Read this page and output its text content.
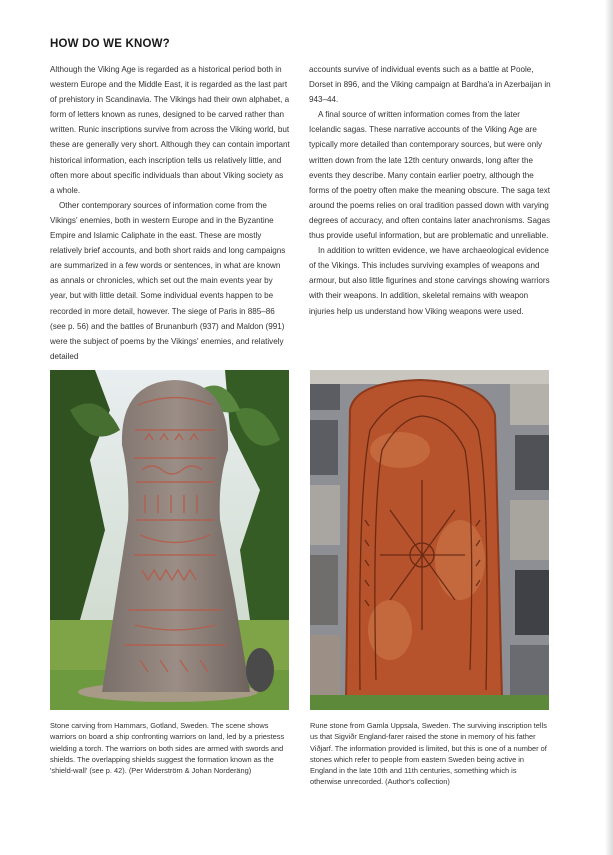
HOW DO WE KNOW?

Although the Viking Age is regarded as a historical period both in western Europe and the Middle East, it is regarded as the last part of prehistory in Scandinavia. The Vikings had their own alphabet, a form of letters known as runes, designed to be carved rather than written. Runic inscriptions survive from across the Viking world, but these are generally very short. Although they can contain important historical information, each inscription tells us relatively little, and often more about specific individuals than about Viking society as a whole.

Other contemporary sources of information come from the Vikings' enemies, both in western Europe and in the Byzantine Empire and Islamic Caliphate in the east. These are mostly relatively brief accounts, and both short raids and long campaigns are summarized in a few words or sentences, in what are known as annals or chronicles, which set out the main events year by year, but with little detail. Some individual events happen to be recorded in more detail, however. The siege of Paris in 885–86 (see p. 56) and the battles of Brunanburh (937) and Maldon (991) were the subject of poems by the Vikings' enemies, and relatively detailed

accounts survive of individual events such as a battle at Poole, Dorset in 896, and the Viking campaign at Bardha'a in Azerbaijan in 943–44.

A final source of written information comes from the later Icelandic sagas. These narrative accounts of the Viking Age are typically more detailed than contemporary sources, but were only written down from the late 12th century onwards, long after the events they describe. Many contain earlier poetry, although the forms of the poetry often make the meaning obscure. The saga text around the poems relies on oral tradition passed down with varying degrees of accuracy, and often contains later anachronisms. Sagas thus provide useful information, but are problematic and unreliable.

In addition to written evidence, we have archaeological evidence of the Vikings. This includes surviving examples of weapons and armour, but also little figurines and stone carvings showing warriors with their weapons. In addition, skeletal remains with weapon injuries help us understand how Viking weapons were used.

Stone carving from Hammars, Gotland, Sweden. The scene shows warriors on board a ship confronting warriors on land, led by a priestess wielding a torch. The warriors on both sides are armed with swords and shields. The overlapping shields suggest the formation known as the 'shield-wall' (see p. 42). (Per Widerström & Johan Norderäng)
Rune stone from Gamla Uppsala, Sweden. The surviving inscription tells us that Sigviðr England-farer raised the stone in memory of his father Viðjarf. The information provided is limited, but this is one of a number of stones which refer to people from eastern Sweden being active in England in the late 10th and 11th centuries, something which is otherwise unrecorded. (Author's collection)
